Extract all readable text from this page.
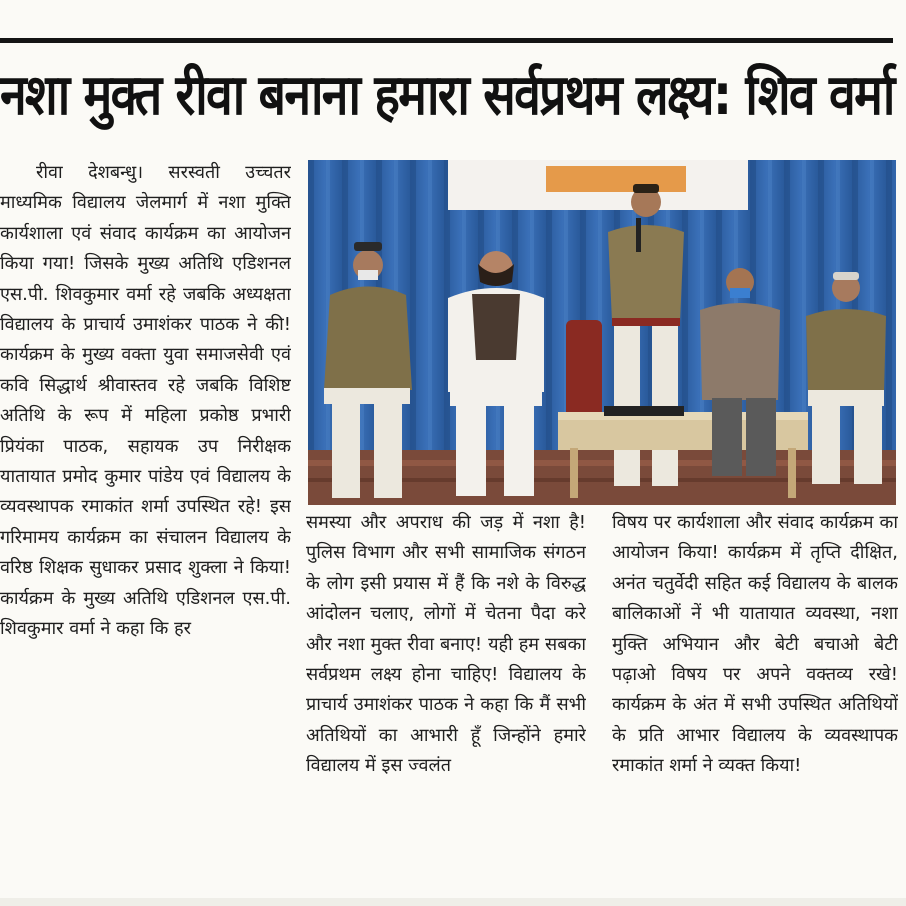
नशा मुक्त रीवा बनाना हमारा सर्वप्रथम लक्ष्य: शिव वर्मा
रीवा देशबन्धु। सरस्वती उच्चतर माध्यमिक विद्यालय जेलमार्ग में नशा मुक्ति कार्यशाला एवं संवाद कार्यक्रम का आयोजन किया गया! जिसके मुख्य अतिथि एडिशनल एस.पी. शिवकुमार वर्मा रहे जबकि अध्यक्षता विद्यालय के प्राचार्य उमाशंकर पाठक ने की! कार्यक्रम के मुख्य वक्ता युवा समाजसेवी एवं कवि सिद्धार्थ श्रीवास्तव रहे जबकि विशिष्ट अतिथि के रूप में महिला प्रकोष्ठ प्रभारी प्रियंका पाठक, सहायक उप निरीक्षक यातायात प्रमोद कुमार पांडेय एवं विद्यालय के व्यवस्थापक रमाकांत शर्मा उपस्थित रहे! इस गरिमामय कार्यक्रम का संचालन विद्यालय के वरिष्ठ शिक्षक सुधाकर प्रसाद शुक्ला ने किया! कार्यक्रम के मुख्य अतिथि एडिशनल एस.पी. शिवकुमार वर्मा ने कहा कि हर
समस्या और अपराध की जड़ में नशा है! पुलिस विभाग और सभी सामाजिक संगठन के लोग इसी प्रयास में हैं कि नशे के विरुद्ध आंदोलन चलाए, लोगों में चेतना पैदा करे और नशा मुक्त रीवा बनाए! यही हम सबका सर्वप्रथम लक्ष्य होना चाहिए! विद्यालय के प्राचार्य उमाशंकर पाठक ने कहा कि मैं सभी अतिथियों का आभारी हूँ जिन्होंने हमारे विद्यालय में इस ज्वलंत
विषय पर कार्यशाला और संवाद कार्यक्रम का आयोजन किया! कार्यक्रम में तृप्ति दीक्षित, अनंत चतुर्वेदी सहित कई विद्यालय के बालक बालिकाओं नें भी यातायात व्यवस्था, नशा मुक्ति अभियान और बेटी बचाओ बेटी पढ़ाओ विषय पर अपने वक्तव्य रखे! कार्यक्रम के अंत में सभी उपस्थित अतिथियों के प्रति आभार विद्यालय के व्यवस्थापक रमाकांत शर्मा ने व्यक्त किया!
